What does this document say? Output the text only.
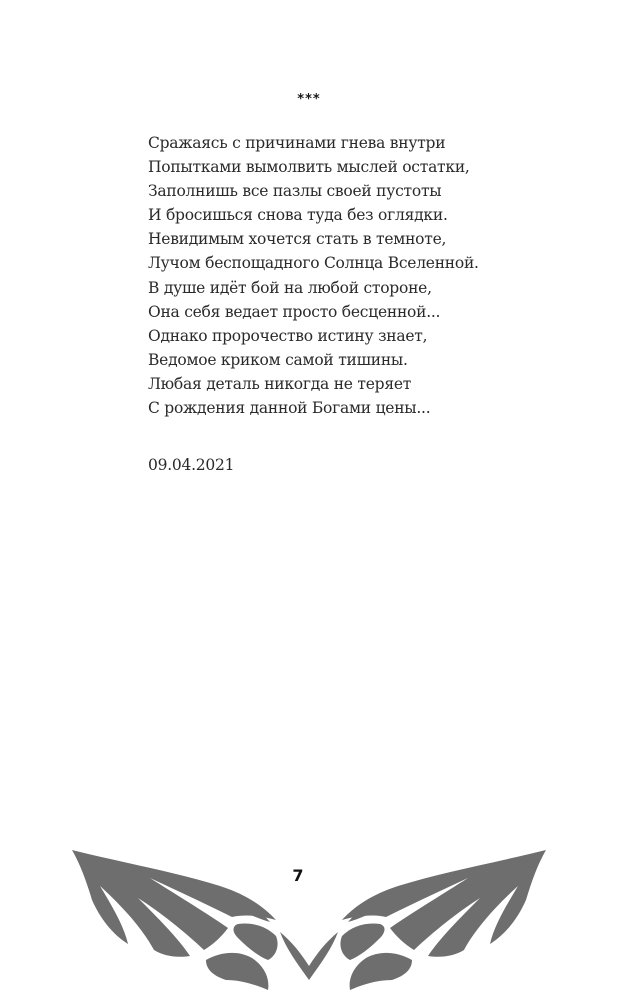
***
Сражаясь с причинами гнева внутри
Попытками вымолвить мыслей остатки,
Заполнишь все пазлы своей пустоты
И бросишься снова туда без оглядки.
Невидимым хочется стать в темноте,
Лучом беспощадного Солнца Вселенной.
В душе идёт бой на любой стороне,
Она себя ведает просто бесценной...
Однако пророчество истину знает,
Ведомое криком самой тишины.
Любая деталь никогда не теряет
С рождения данной Богами цены...
09.04.2021
7
